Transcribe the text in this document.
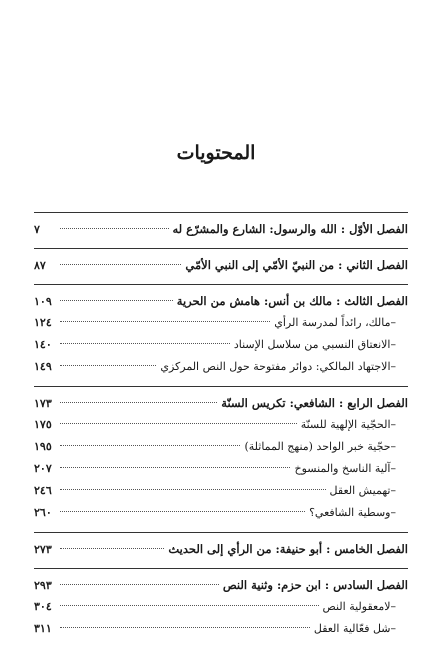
المحتويات
الفصل الأوّل : الله والرسول: الشارع والمشرّع له
٧
الفصل الثاني : من النبيّ الأمّي إلى النبي الأمّي
٨٧
الفصل الثالث : مالك بن أنس: هامش من الحرية
١٠٩
– مالك، رائداً لمدرسة الرأي
١٢٤
– الانعتاق النسبي من سلاسل الإسناد
١٤٠
– الاجتهاد المالكي: دوائر مفتوحة حول النص المركزي
١٤٩
الفصل الرابع : الشافعي: تكريس السنّة
١٧٣
– الحجّية الإلهية للسنّة
١٧٥
– حجّية خبر الواحد (منهج المماثلة)
١٩٥
– آلية الناسخ والمنسوخ
٢٠٧
– تهميش العقل
٢٤٦
– وسطية الشافعي؟
٢٦٠
الفصل الخامس : أبو حنيفة: من الرأي إلى الحديث
٢٧٣
الفصل السادس : ابن حزم: وثنية النص
٢٩٣
– لامعقولية النص
٣٠٤
– شل فعّالية العقل
٣١١
